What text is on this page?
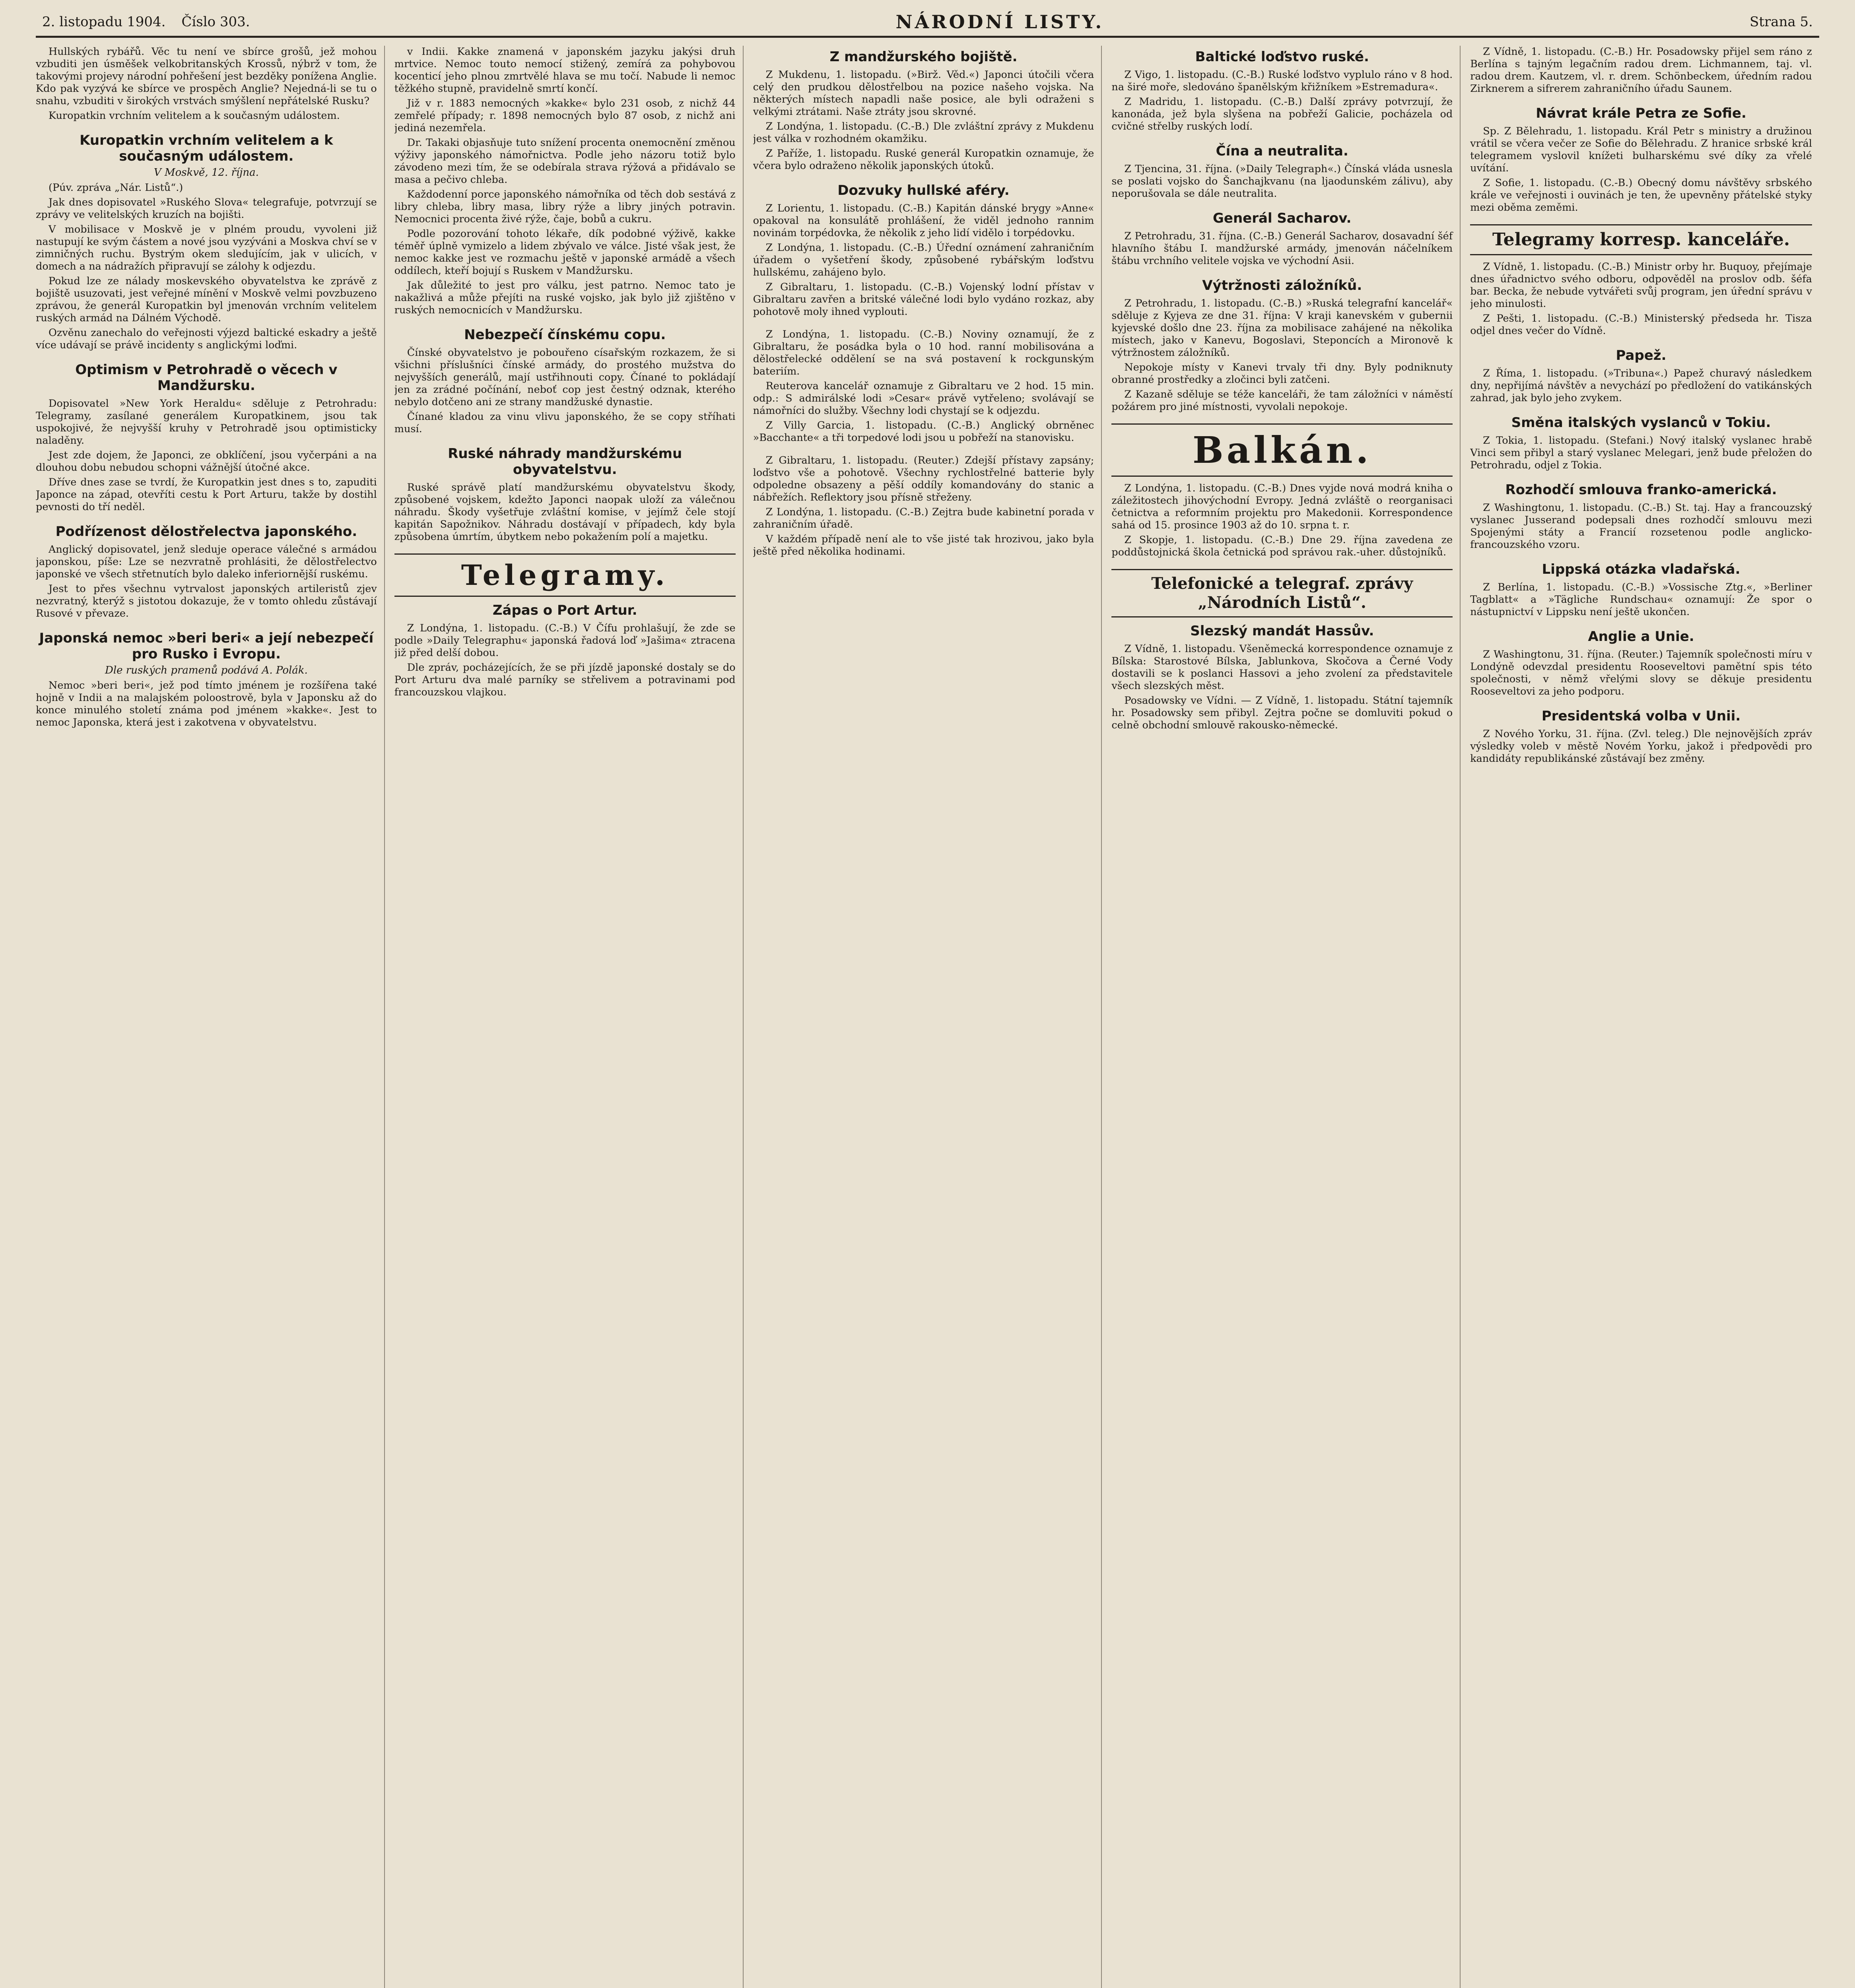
2. listopadu 1904. Číslo 303.	NÁRODNÍ LISTY.	Strana 5.

Hullských rybářů. Věc tu není ve sbírce grošů, jež mohou vzbuditi jen úsměšek velkobritanských Krossů, nýbrž v tom, že takovými projevy národní pohřešení jest bezděky ponížena Anglie. Kdo pak vyzývá ke sbírce ve prospěch Anglie? Nejedná-li se tu o snahu, vzbuditi v širokých vrstvách smýšlení nepřátelské Rusku?

Kuropatkin vrchním velitelem a k současným událostem.

Kuropatkin vrchním velitelem a k současným událostem.
V Moskvě, 12. října.

(Púv. zpráva „Nár. Listů“.)

Jak dnes dopisovatel »Ruského Slova« telegrafuje, potvrzují se zprávy ve velitelských kruzích na bojišti.

V mobilisace v Moskvě je v plném proudu, vyvoleni již nastupují ke svým částem a nové jsou vyzýváni a Moskva chví se v zimničných ruchu. Bystrým okem sledujícím, jak v ulicích, v domech a na nádražích připravují se zálohy k odjezdu.

Pokud lze ze nálady moskevského obyvatelstva ke zprávě z bojiště usuzovati, jest veřejné mínění v Moskvě velmi povzbuzeno zprávou, že generál Kuropatkin byl jmenován vrchním velitelem ruských armád na Dálném Východě.

Ozvěnu zanechalo do veřejnosti výjezd baltické eskadry a ještě více udávají se právě incidenty s anglickými loďmi.

Optimism v Petrohradě o věcech v Mandžursku.

Dopisovatel »New York Heraldu« sděluje z Petrohradu: Telegramy, zasílané generálem Kuropatkinem, jsou tak uspokojivé, že nejvyšší kruhy v Petrohradě jsou optimisticky naladěny.

Jest zde dojem, že Japonci, ze obklíčení, jsou vyčerpáni a na dlouhou dobu nebudou schopni vážnější útočné akce.

Dříve dnes zase se tvrdí, že Kuropatkin jest dnes s to, zapuditi Japonce na západ, otevříti cestu k Port Arturu, takže by dostihl pevnosti do tří neděl.

Podřízenost dělostřelectva japonského.

Anglický dopisovatel, jenž sleduje operace válečné s armádou japonskou, píše: Lze se nezvratně prohlásiti, že dělostřelectvo japonské ve všech střetnutích bylo daleko inferiornější ruskému.

Jest to přes všechnu vytrvalost japonských artileristů zjev nezvratný, kterýž s jistotou dokazuje, že v tomto ohledu zůstávají Rusové v převaze.

Japonská nemoc »beri beri« a její nebezpečí pro Rusko i Evropu.
Dle ruských pramenů podává A. Polák.

Nemoc »beri beri«, jež pod tímto jménem je rozšířena také hojně v Indii a na malajském poloostrově, byla v Japonsku až do konce minulého století známa pod jménem »kakke«. Jest to nemoc Japonska, která jest i zakotvena v obyvatelstvu.

v Indii. Kakke znamená v japonském jazyku jakýsi druh mrtvice. Nemoc touto nemocí stižený, zemírá za pohybovou kocenticí jeho plnou zmrtvělé hlava se mu točí. Nabude li nemoc těžkého stupně, pravidelně smrtí končí.

Již v r. 1883 nemocných »kakke« bylo 231 osob, z nichž 44 zemřelé případy; r. 1898 nemocných bylo 87 osob, z nichž ani jediná nezemřela.

Dr. Takaki objasňuje tuto snížení procenta onemocnění změnou výživy japonského námořnictva. Podle jeho názoru totiž bylo závodeno mezi tím, že se odebírala strava rýžová a přidávalo se masa a pečivo chleba.

Každodenní porce japonského námořníka od těch dob sestává z libry chleba, libry masa, libry rýže a libry jiných potravin. Nemocnici procenta živé rýže, čaje, bobů a cukru.

Podle pozorování tohoto lékaře, dík podobné výživě, kakke téměř úplně vymizelo a lidem zbývalo ve válce. Jisté však jest, že nemoc kakke jest ve rozmachu ještě v japonské armádě a všech oddílech, kteří bojují s Ruskem v Mandžursku.

Jak důležité to jest pro válku, jest patrno. Nemoc tato je nakažlivá a může přejíti na ruské vojsko, jak bylo již zjištěno v ruských nemocnicích v Mandžursku.

Nebezpečí čínskému copu.

Čínské obyvatelstvo je pobouřeno císařským rozkazem, že si všichni příslušníci čínské armády, do prostého mužstva do nejvyšších generálů, mají ustřihnouti copy. Čínané to pokládají jen za zrádné počínání, neboť cop jest čestný odznak, kterého nebylo dotčeno ani ze strany mandžuské dynastie.

Čínané kladou za vinu vlivu japonského, že se copy stříhati musí.

Ruské náhrady mandžurskému obyvatelstvu.

Ruské správě platí mandžurskému obyvatelstvu škody, způsobené vojskem, kdežto Japonci naopak uloží za válečnou náhradu. Škody vyšetřuje zvláštní komise, v jejímž čele stojí kapitán Sapožnikov. Náhradu dostávají v případech, kdy byla způsobena úmrtím, úbytkem nebo pokažením polí a majetku.

Telegramy.
Zápas o Port Artur.

Z Londýna, 1. listopadu. (C.-B.) V Čífu prohlašují, že zde se podle »Daily Telegraphu« japonská řadová loď »Jašima« ztracena již před delší dobou.

Dle zpráv, pocházejících, že se při jízdě japonské dostaly se do Port Arturu dva malé parníky se střelivem a potravinami pod francouzskou vlajkou.

Z mandžurského bojiště.

Z Mukdenu, 1. listopadu. (»Birž. Věd.«) Japonci útočili včera celý den prudkou dělostřelbou na pozice našeho vojska. Na některých místech napadli naše posice, ale byli odraženi s velkými ztrátami. Naše ztráty jsou skrovné.

Z Londýna, 1. listopadu. (C.-B.) Dle zvláštní zprávy z Mukdenu jest válka v rozhodném okamžiku.

Z Paříže, 1. listopadu. Ruské generál Kuropatkin oznamuje, že včera bylo odraženo několik japonských útoků.

Dozvuky hullské aféry.

Z Lorientu, 1. listopadu. (C.-B.) Kapitán dánské brygy »Anne« opakoval na konsulátě prohlášení, že viděl jednoho rannim novinám torpédovka, že několik z jeho lidí vidělo i torpédovku.

Z Londýna, 1. listopadu. (C.-B.) Úřední oznámení zahraničním úřadem o vyšetření škody, způsobené rybářským loďstvu hullskému, zahájeno bylo.

Z Gibraltaru, 1. listopadu. (C.-B.) Vojenský lodní přístav v Gibraltaru zavřen a britské válečné lodi bylo vydáno rozkaz, aby pohotově moly ihned vyplouti.

Z Londýna, 1. listopadu. (C.-B.) Noviny oznamují, že z Gibraltaru, že posádka byla o 10 hod. ranní mobilisována a dělostřelecké oddělení se na svá postavení k rockgunským bateriím.

Reuterova kancelář oznamuje z Gibraltaru ve 2 hod. 15 min. odp.: S admirálské lodi »Cesar« právě vytřeleno; svolávají se námořníci do služby. Všechny lodi chystají se k odjezdu.

Z Villy Garcia, 1. listopadu. (C.-B.) Anglický obrněnec »Bacchante« a tři torpedové lodi jsou u pobřeží na stanovisku.

Z Gibraltaru, 1. listopadu. (Reuter.) Zdejší přístavy zapsány; loďstvo vše a pohotově. Všechny rychlostřelné batterie byly odpoledne obsazeny a pěší oddíly komandovány do stanic a nábřežích. Reflektory jsou přísně střeženy.

Z Londýna, 1. listopadu. (C.-B.) Zejtra bude kabinetní porada v zahraničním úřadě.

V každém případě není ale to vše jisté tak hrozivou, jako byla ještě před několika hodinami.

Baltické loďstvo ruské.

Z Vigo, 1. listopadu. (C.-B.) Ruské loďstvo vyplulo ráno v 8 hod. na širé moře, sledováno španělským křižníkem »Estremadura«.

Z Madridu, 1. listopadu. (C.-B.) Další zprávy potvrzují, že kanonáda, jež byla slyšena na pobřeží Galicie, pocházela od cvičné střelby ruských lodí.

Čína a neutralita.

Z Tjencina, 31. října. (»Daily Telegraph«.) Čínská vláda usnesla se poslati vojsko do Šanchajkvanu (na ljaodunském zálivu), aby neporušovala se dále neutralita.

Generál Sacharov.

Z Petrohradu, 31. října. (C.-B.) Generál Sacharov, dosavadní šéf hlavního štábu I. mandžurské armády, jmenován náčelníkem štábu vrchního velitele vojska ve východní Asii.

Výtržnosti záložníků.

Z Petrohradu, 1. listopadu. (C.-B.) »Ruská telegrafní kancelář« sděluje z Kyjeva ze dne 31. října: V kraji kanevském v gubernii kyjevské došlo dne 23. října za mobilisace zahájené na několika místech, jako v Kanevu, Bogoslavi, Steponcích a Mironově k výtržnostem záložníků.

Nepokoje místy v Kanevi trvaly tři dny. Byly podniknuty obranné prostředky a zločinci byli zatčeni.

Z Kazaně sděluje se téže kanceláři, že tam záložníci v náměstí požárem pro jiné místnosti, vyvolali nepokoje.

Balkán.

Z Londýna, 1. listopadu. (C.-B.) Dnes vyjde nová modrá kniha o záležitostech jihovýchodní Evropy. Jedná zvláště o reorganisaci četnictva a reformním projektu pro Makedonii. Korrespondence sahá od 15. prosince 1903 až do 10. srpna t. r.

Z Skopje, 1. listopadu. (C.-B.) Dne 29. října zavedena ze poddůstojnická škola četnická pod správou rak.-uher. důstojníků.

Telefonické a telegraf. zprávy „Národních Listů“.
Slezský mandát Hassův.

Z Vídně, 1. listopadu. Všeněmecká korrespondence oznamuje z Bílska: Starostové Bílska, Jablunkova, Skočova a Černé Vody dostavili se k poslanci Hassovi a jeho zvolení za představitele všech slezských měst.

Posadowsky ve Vídni. — Z Vídně, 1. listopadu. Státní tajemník hr. Posadowsky sem přibyl. Zejtra počne se domluviti pokud o celně obchodní smlouvě rakousko-německé.

Z Vídně, 1. listopadu. (C.-B.) Hr. Posadowsky přijel sem ráno z Berlína s tajným legačním radou drem. Lichmannem, taj. vl. radou drem. Kautzem, vl. r. drem. Schönbeckem, úředním radou Zirknerem a sifrerem zahraničního úřadu Saunem.

Návrat krále Petra ze Sofie.

Sp. Z Bělehradu, 1. listopadu. Král Petr s ministry a družinou vrátil se včera večer ze Sofie do Bělehradu. Z hranice srbské král telegramem vyslovil knížeti bulharskému své díky za vřelé uvítání.

Z Sofie, 1. listopadu. (C.-B.) Obecný domu návštěvy srbského krále ve veřejnosti i ouvinách je ten, že upevněny přátelské styky mezi oběma zeměmi.

Telegramy korresp. kanceláře.

Z Vídně, 1. listopadu. (C.-B.) Ministr orby hr. Buquoy, přejímaje dnes úřadnictvo svého odboru, odpověděl na proslov odb. šéfa bar. Becka, že nebude vytvářeti svůj program, jen úřední správu v jeho minulosti.

Z Pešti, 1. listopadu. (C.-B.) Ministerský předseda hr. Tisza odjel dnes večer do Vídně.

Papež.

Z Říma, 1. listopadu. (»Tribuna«.) Papež churavý následkem dny, nepřijímá návštěv a nevychází po předložení do vatikánských zahrad, jak bylo jeho zvykem.

Směna italských vyslanců v Tokiu.

Z Tokia, 1. listopadu. (Stefani.) Nový italský vyslanec hrabě Vinci sem přibyl a starý vyslanec Melegari, jenž bude přeložen do Petrohradu, odjel z Tokia.

Rozhodčí smlouva franko-americká.

Z Washingtonu, 1. listopadu. (C.-B.) St. taj. Hay a francouzský vyslanec Jusserand podepsali dnes rozhodčí smlouvu mezi Spojenými státy a Francií rozsetenou podle anglicko-francouzského vzoru.

Lippská otázka vladařská.

Z Berlína, 1. listopadu. (C.-B.) »Vossische Ztg.«, »Berliner Tagblatt« a »Tägliche Rundschau« oznamují: Že spor o nástupnictví v Lippsku není ještě ukončen.

Anglie a Unie.

Z Washingtonu, 31. října. (Reuter.) Tajemník společnosti míru v Londýně odevzdal presidentu Rooseveltovi pamětní spis této společnosti, v němž vřelými slovy se děkuje presidentu Rooseveltovi za jeho podporu.

Presidentská volba v Unii.

Z Nového Yorku, 31. října. (Zvl. teleg.) Dle nejnovějších zpráv výsledky voleb v městě Novém Yorku, jakož i předpovědi pro kandidáty republikánské zůstávají bez změny.
